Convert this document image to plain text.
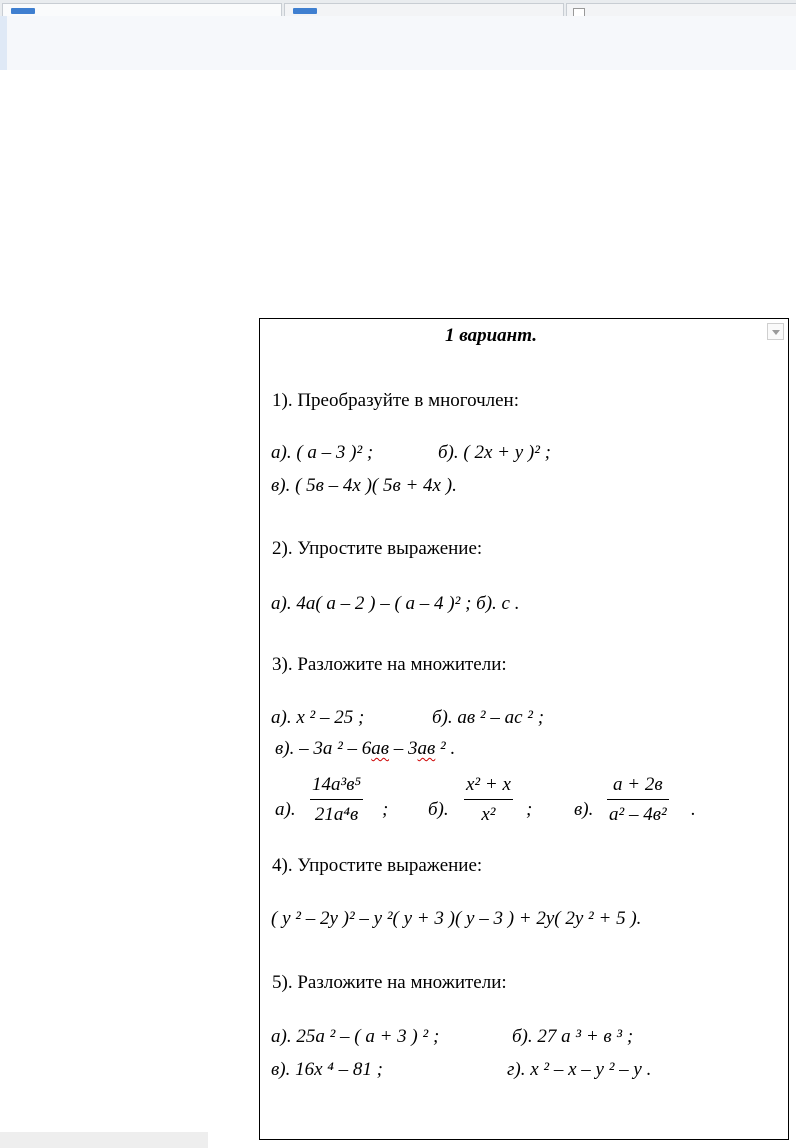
1 вариант.
1). Преобразуйте в многочлен:
а). ( а – 3 )² ;	б). ( 2х + у )² ;
в). ( 5в – 4х )( 5в + 4х ).
2). Упростите выражение:
а). 4а( а – 2 ) – ( а – 4 )² ; б). с .
3). Разложите на множители:
а). х ² – 25 ;	б). ав ² – ас ² ;
в). – 3а ² – 6ав – 3ав ² .
а).
14a³в⁵
21a⁴в ; б).
x² + x
x²	; в).
a + 2в
a² – 4в² .
4). Упростите выражение:
( у ² – 2у )² – у ²( у + 3 )( у – 3 ) + 2у( 2у ² + 5 ).
5). Разложите на множители:
а). 25а ² – ( а + 3 ) ² ;	б). 27 а ³ + в ³ ;
в). 16х ⁴ – 81 ;	г). х ² – х – у ² – у .
